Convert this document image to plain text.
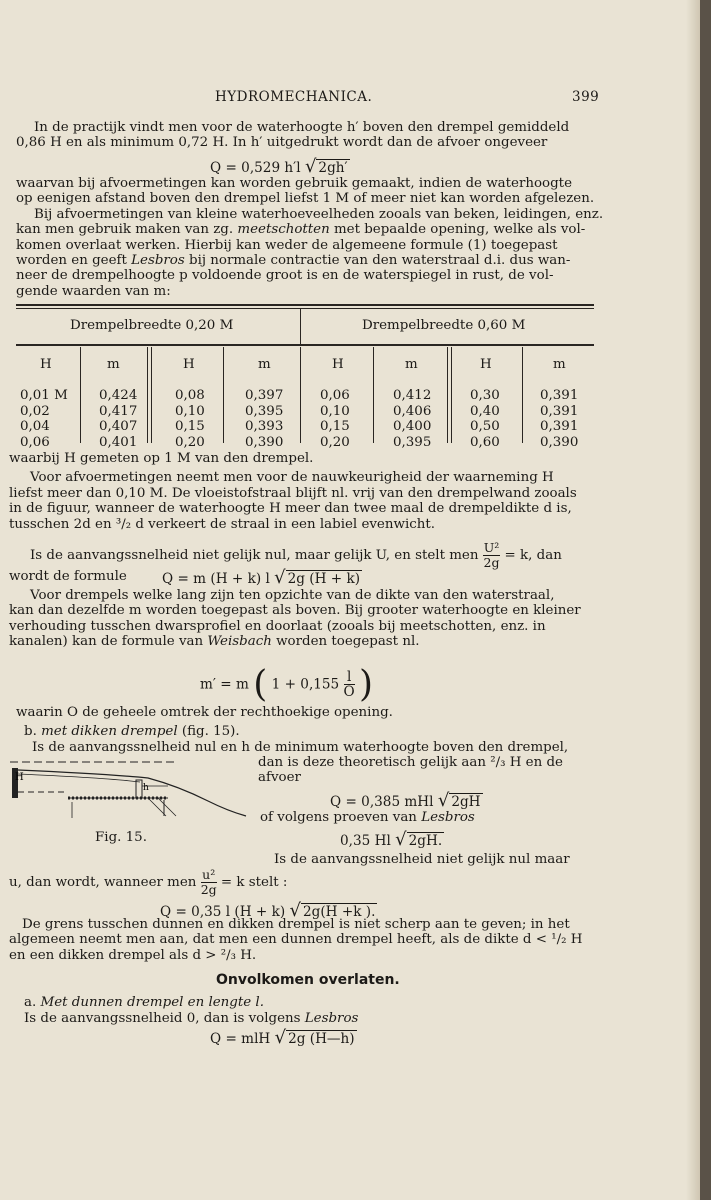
HYDROMECHANICA.	399
In de practijk vindt men voor de waterhoogte h′ boven den drempel gemiddeld
0,86 H en als minimum 0,72 H. In h′ uitgedrukt wordt dan de afvoer ongeveer
Q = 0,529 h′l √ 2gh′
waarvan bij afvoermetingen kan worden gebruik gemaakt, indien de waterhoogte
op eenigen afstand boven den drempel liefst 1 M of meer niet kan worden afgelezen.
Bij afvoermetingen van kleine waterhoeveelheden zooals van beken, leidingen, enz.
kan men gebruik maken van zg. meetschotten met bepaalde opening, welke als vol-
komen overlaat werken. Hierbij kan weder de algemeene formule (1) toegepast
worden en geeft Lesbros bij normale contractie van den waterstraal d.i. dus wan-
neer de drempelhoogte p voldoende groot is en de waterspiegel in rust, de vol-
gende waarden van m:
Drempelbreedte 0,20 M	Drempelbreedte 0,60 M
H	m	H	m	H	m	H	m
0,01 M 0,424	0,08	0,397	0,06	0,412	0,30	0,391
0,02	0,417	0,10	0,395	0,10	0,406	0,40	0,391
0,04	0,407	0,15	0,393	0,15	0,400	0,50	0,391
0,06	0,401	0,20	0,390	0,20	0,395	0,60	0,390
waarbij H gemeten op 1 M van den drempel.
Voor afvoermetingen neemt men voor de nauwkeurigheid der waarneming H
liefst meer dan 0,10 M. De vloeistofstraal blijft nl. vrij van den drempelwand zooals
in de figuur, wanneer de waterhoogte H meer dan twee maal de drempeldikte d is,
tusschen 2d en ³/₂ d verkeert de straal in een labiel evenwicht.
Is de aanvangssnelheid niet gelijk nul, maar gelijk U, en stelt men $\frac{\text{U²}}{2g} = k$, dan
wordt de formule	Q = m (H + k) l √ 2g (H + k)
Voor drempels welke lang zijn ten opzichte van de dikte van den waterstraal,
kan dan dezelfde m worden toegepast als boven. Bij grooter waterhoogte en kleiner
verhouding tusschen dwarsprofiel en doorlaat (zooals bij meetschotten, enz. in
kanalen) kan de formule van Weisbach worden toegepast nl.
m′ = m ( $1 + 0,155 \frac{l}{O}$ )
waarin O de geheele omtrek der rechthoekige opening.
b. met dikken drempel (fig. 15).
Is de aanvangssnelheid nul en h de minimum waterhoogte boven den drempel,
H
h
Fig. 15.
dan is deze theoretisch gelijk aan ²/₃ H en de
afvoer
Q = 0,385 mHl √ 2gH
of volgens proeven van Lesbros
0,35 Hl √ 2gH.
Is de aanvangssnelheid niet gelijk nul maar
u, dan wordt, wanneer men $\frac{\text{u²}}{2g} = k$ stelt :
Q = 0,35 l (H + k) √ 2g(H +k ).
De grens tusschen dunnen en dikken drempel is niet scherp aan te geven; in het
algemeen neemt men aan, dat men een dunnen drempel heeft, als de dikte d < ¹/₂ H
en een dikken drempel als d > ²/₃ H.
Onvolkomen overlaten.
a. Met dunnen drempel en lengte l.
Is de aanvangssnelheid 0, dan is volgens Lesbros
Q = mlH √ 2g (H—h)
